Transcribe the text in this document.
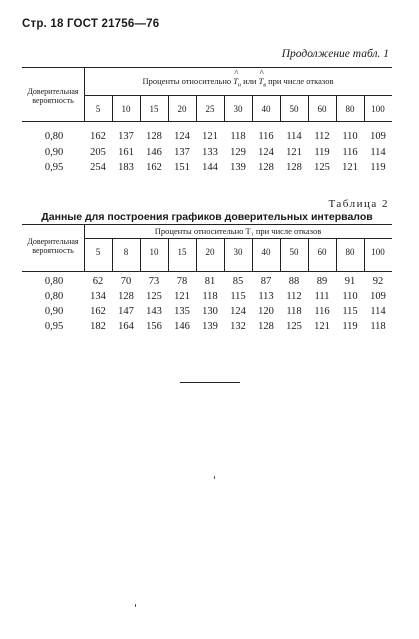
Стр. 18 ГОСТ 21756—76
Продолжение табл. 1
Доверительная вероятность
Проценты относительно ^ $T_н$ или ^ $T_в$ при числе отказов
5	10	15	20	25	30	40	50	60	80	100
0,80	162	137	128	124	121	118	116	114	112	110	109
0,90	205	161	146	137	133	129	124	121	119	116	114
0,95	254	183	162	151	144	139	128	128	125	121	119
Таблица 2
Данные для построения графиков доверительных интервалов
Доверительная вероятность
Проценты относительно T₁ при числе отказов
5	8	10	15	20	30	40	50	60	80	100
0,80	62	70	73	78	81	85	87	88	89	91	92
0,80	134	128	125	121	118	115	113	112	111	110	109
0,90	162	147	143	135	130	124	120	118	116	115	114
0,95	182	164	156	146	139	132	128	125	121	119	118
